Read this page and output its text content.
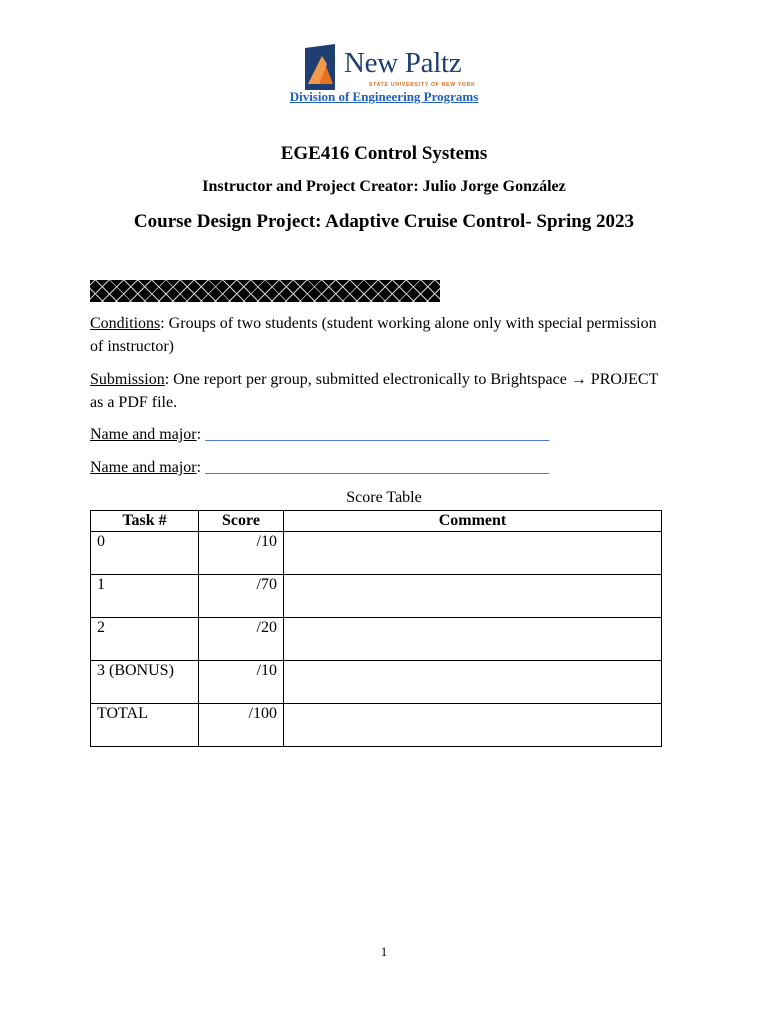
New Paltz
STATE UNIVERSITY OF NEW YORK
Division of Engineering Programs
EGE416 Control Systems
Instructor and Project Creator: Julio Jorge González
Course Design Project: Adaptive Cruise Control- Spring 2023
Conditions: Groups of two students (student working alone only with special permission of instructor)
Submission: One report per group, submitted electronically to Brightspace → PROJECT as a PDF file.
Name and major: ___________________________________________
Name and major: ___________________________________________
Score Table
Task #	Score	Comment
0	/10	
1	/70	
2	/20	
3 (BONUS)	/10	
TOTAL	/100	
1
